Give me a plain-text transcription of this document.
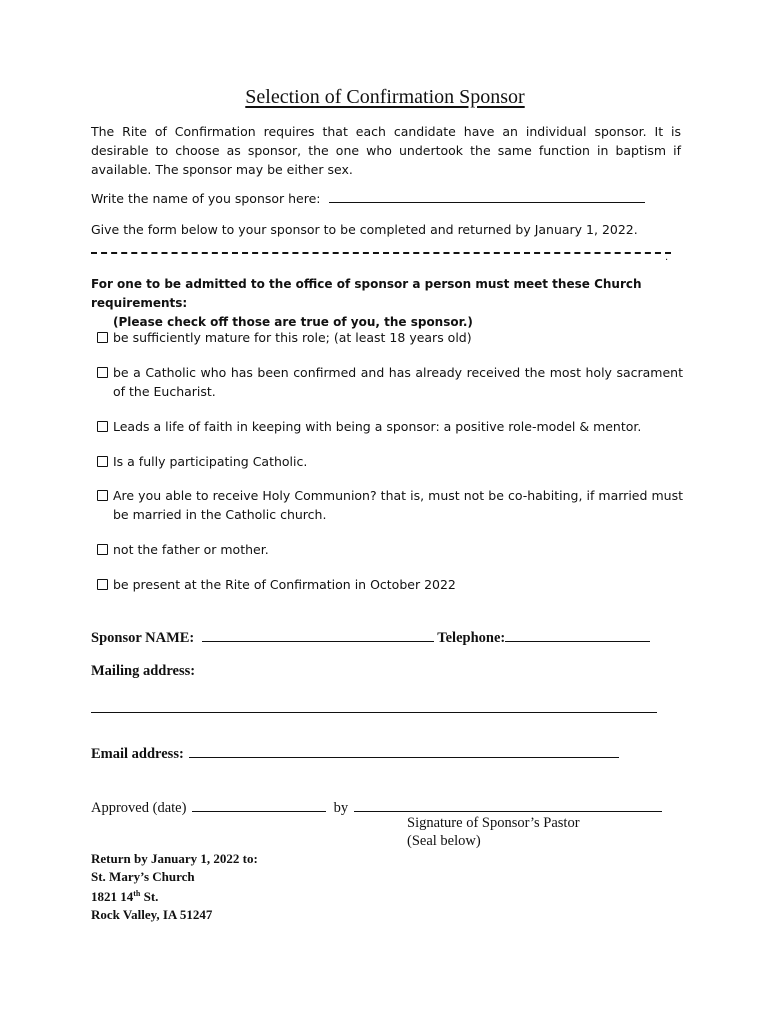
Selection of Confirmation Sponsor
The Rite of Confirmation requires that each candidate have an individual sponsor. It is desirable to choose as sponsor, the one who undertook the same function in baptism if available. The sponsor may be either sex.
Write the name of you sponsor here:
Give the form below to your sponsor to be completed and returned by January 1, 2022.
.
For one to be admitted to the office of sponsor a person must meet these Church requirements:
(Please check off those are true of you, the sponsor.)
be sufficiently mature for this role; (at least 18 years old)
be a Catholic who has been confirmed and has already received the most holy sacrament of the Eucharist.
Leads a life of faith in keeping with being a sponsor: a positive role-model & mentor.
Is a fully participating Catholic.
Are you able to receive Holy Communion? that is, must not be co-habiting, if married must be married in the Catholic church.
not the father or mother.
be present at the Rite of Confirmation in October 2022
Sponsor NAME:	Telephone:
Mailing address:
Email address:
Approved (date)	by
Signature of Sponsor’s Pastor
(Seal below)
Return by January 1, 2022 to:
St. Mary’s Church
1821 14th St.
Rock Valley, IA 51247
